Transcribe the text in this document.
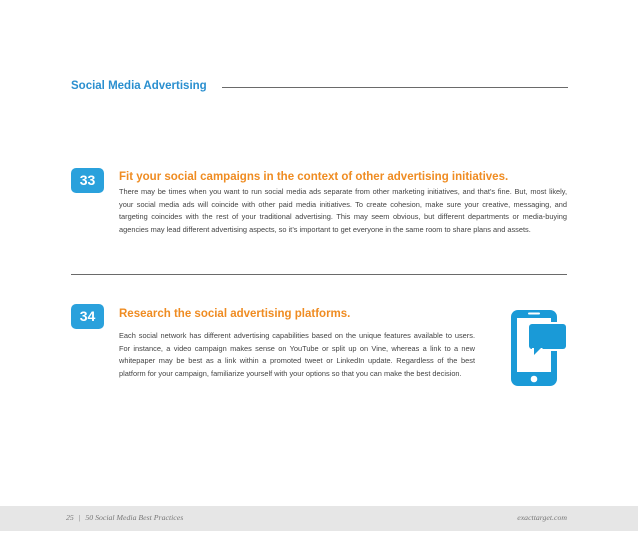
Social Media Advertising
33	Fit your social campaigns in the context of other advertising initiatives.
There may be times when you want to run social media ads separate from other marketing initiatives, and that’s fine. But, most likely, your social media ads will coincide with other paid media initiatives. To create cohesion, make sure your creative, messaging, and targeting coincides with the rest of your traditional advertising. This may seem obvious, but different departments or media-buying agencies may lead different advertising aspects, so it’s important to get everyone in the same room to share plans and assets.
34	Research the social advertising platforms.
Each social network has different advertising capabilities based on the unique features available to users. For instance, a video campaign makes sense on YouTube or split up on Vine, whereas a link to a new whitepaper may be best as a link within a promoted tweet or LinkedIn update. Regardless of the best platform for your campaign, familiarize yourself with your options so that you can make the best decision.
25 | 50 Social Media Best Practices	exacttarget.com
